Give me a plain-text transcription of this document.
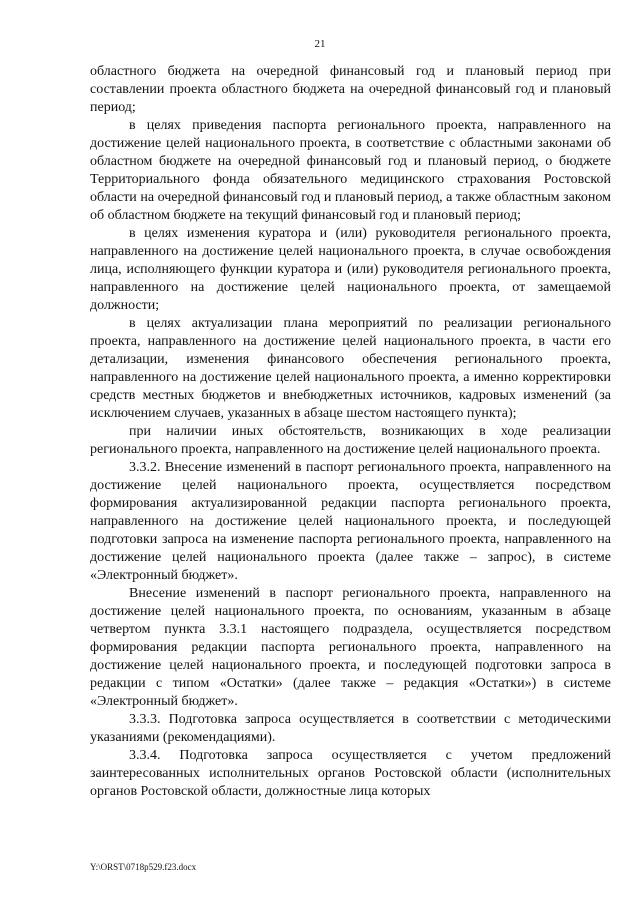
21

областного бюджета на очередной финансовый год и плановый период при составлении проекта областного бюджета на очередной финансовый год и плановый период;

в целях приведения паспорта регионального проекта, направленного на достижение целей национального проекта, в соответствие с областными законами об областном бюджете на очередной финансовый год и плановый период, о бюджете Территориального фонда обязательного медицинского страхования Ростовской области на очередной финансовый год и плановый период, а также областным законом об областном бюджете на текущий финансовый год и плановый период;

в целях изменения куратора и (или) руководителя регионального проекта, направленного на достижение целей национального проекта, в случае освобождения лица, исполняющего функции куратора и (или) руководителя регионального проекта, направленного на достижение целей национального проекта, от замещаемой должности;

в целях актуализации плана мероприятий по реализации регионального проекта, направленного на достижение целей национального проекта, в части его детализации, изменения финансового обеспечения регионального проекта, направленного на достижение целей национального проекта, а именно корректировки средств местных бюджетов и внебюджетных источников, кадровых изменений (за исключением случаев, указанных в абзаце шестом настоящего пункта);

при наличии иных обстоятельств, возникающих в ходе реализации регионального проекта, направленного на достижение целей национального проекта.

3.3.2. Внесение изменений в паспорт регионального проекта, направленного на достижение целей национального проекта, осуществляется посредством формирования актуализированной редакции паспорта регионального проекта, направленного на достижение целей национального проекта, и последующей подготовки запроса на изменение паспорта регионального проекта, направленного на достижение целей национального проекта (далее также – запрос), в системе «Электронный бюджет».

Внесение изменений в паспорт регионального проекта, направленного на достижение целей национального проекта, по основаниям, указанным в абзаце четвертом пункта 3.3.1 настоящего подраздела, осуществляется посредством формирования редакции паспорта регионального проекта, направленного на достижение целей национального проекта, и последующей подготовки запроса в редакции с типом «Остатки» (далее также – редакция «Остатки») в системе «Электронный бюджет».

3.3.3. Подготовка запроса осуществляется в соответствии с методическими указаниями (рекомендациями).

3.3.4. Подготовка запроса осуществляется с учетом предложений заинтересованных исполнительных органов Ростовской области (исполнительных органов Ростовской области, должностные лица которых

Y:\ORST\0718p529.f23.docx
